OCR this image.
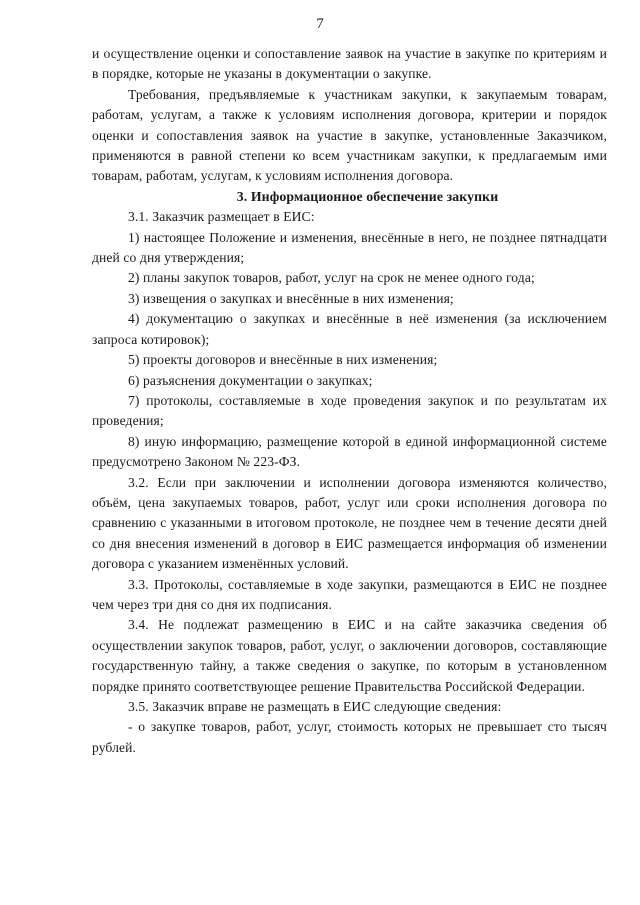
7

и осуществление оценки и сопоставление заявок на участие в закупке по критериям и в порядке, которые не указаны в документации о закупке.

Требования, предъявляемые к участникам закупки, к закупаемым товарам, работам, услугам, а также к условиям исполнения договора, критерии и порядок оценки и сопоставления заявок на участие в закупке, установленные Заказчиком, применяются в равной степени ко всем участникам закупки, к предлагаемым ими товарам, работам, услугам, к условиям исполнения договора.

3. Информационное обеспечение закупки

3.1. Заказчик размещает в ЕИС:

1) настоящее Положение и изменения, внесённые в него, не позднее пятнадцати дней со дня утверждения;

2) планы закупок товаров, работ, услуг на срок не менее одного года;

3) извещения о закупках и внесённые в них изменения;

4) документацию о закупках и внесённые в неё изменения (за исключением запроса котировок);

5) проекты договоров и внесённые в них изменения;

6) разъяснения документации о закупках;

7) протоколы, составляемые в ходе проведения закупок и по результатам их проведения;

8) иную информацию, размещение которой в единой информационной системе предусмотрено Законом № 223-ФЗ.

3.2. Если при заключении и исполнении договора изменяются количество, объём, цена закупаемых товаров, работ, услуг или сроки исполнения договора по сравнению с указанными в итоговом протоколе, не позднее чем в течение десяти дней со дня внесения изменений в договор в ЕИС размещается информация об изменении договора с указанием изменённых условий.

3.3. Протоколы, составляемые в ходе закупки, размещаются в ЕИС не позднее чем через три дня со дня их подписания.

3.4. Не подлежат размещению в ЕИС и на сайте заказчика сведения об осуществлении закупок товаров, работ, услуг, о заключении договоров, составляющие государственную тайну, а также сведения о закупке, по которым в установленном порядке принято соответствующее решение Правительства Российской Федерации.

3.5. Заказчик вправе не размещать в ЕИС следующие сведения:

- о закупке товаров, работ, услуг, стоимость которых не превышает сто тысяч рублей.
